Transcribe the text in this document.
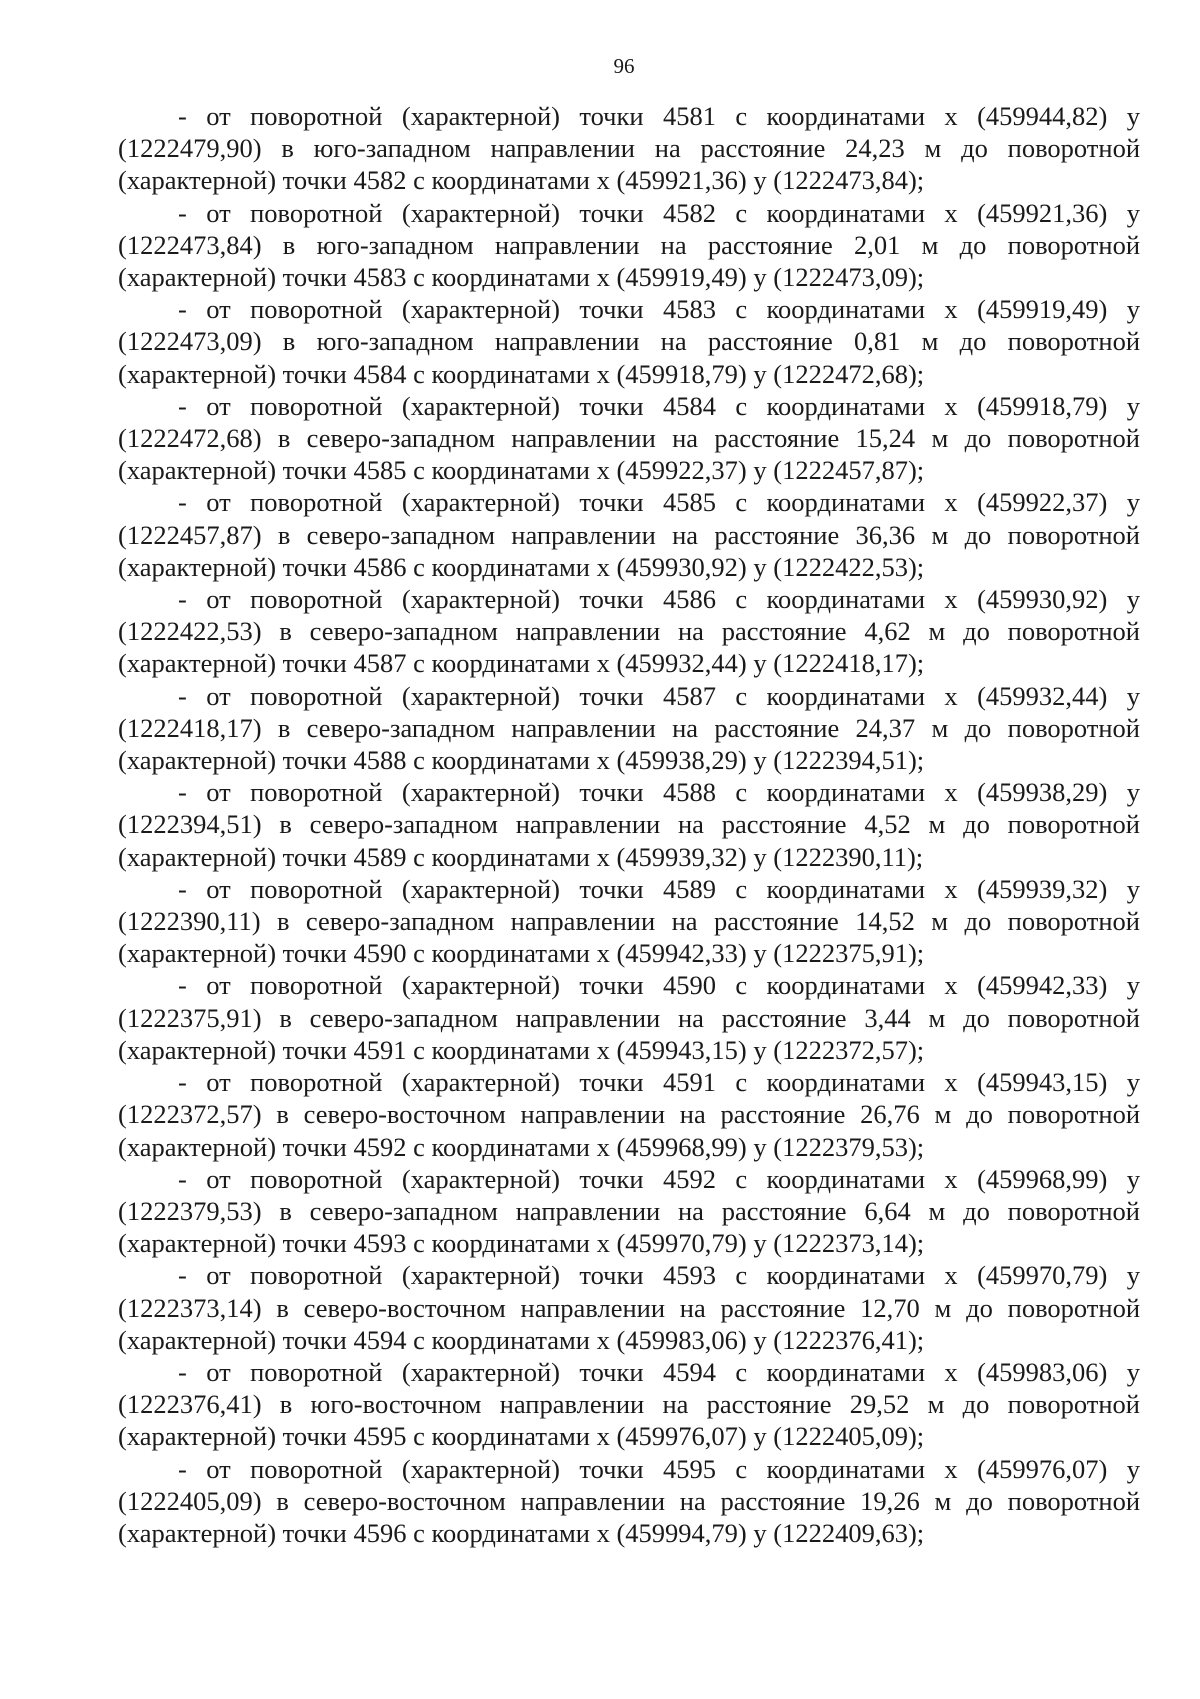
96

- от поворотной (характерной) точки 4581 с координатами х (459944,82) у (1222479,90) в юго-западном направлении на расстояние 24,23 м до поворотной (характерной) точки 4582 с координатами х (459921,36) у (1222473,84);

- от поворотной (характерной) точки 4582 с координатами х (459921,36) у (1222473,84) в юго-западном направлении на расстояние 2,01 м до поворотной (характерной) точки 4583 с координатами х (459919,49) у (1222473,09);

- от поворотной (характерной) точки 4583 с координатами х (459919,49) у (1222473,09) в юго-западном направлении на расстояние 0,81 м до поворотной (характерной) точки 4584 с координатами х (459918,79) у (1222472,68);

- от поворотной (характерной) точки 4584 с координатами х (459918,79) у (1222472,68) в северо-западном направлении на расстояние 15,24 м до поворотной (характерной) точки 4585 с координатами х (459922,37) у (1222457,87);

- от поворотной (характерной) точки 4585 с координатами х (459922,37) у (1222457,87) в северо-западном направлении на расстояние 36,36 м до поворотной (характерной) точки 4586 с координатами х (459930,92) у (1222422,53);

- от поворотной (характерной) точки 4586 с координатами х (459930,92) у (1222422,53) в северо-западном направлении на расстояние 4,62 м до поворотной (характерной) точки 4587 с координатами х (459932,44) у (1222418,17);

- от поворотной (характерной) точки 4587 с координатами х (459932,44) у (1222418,17) в северо-западном направлении на расстояние 24,37 м до поворотной (характерной) точки 4588 с координатами х (459938,29) у (1222394,51);

- от поворотной (характерной) точки 4588 с координатами х (459938,29) у (1222394,51) в северо-западном направлении на расстояние 4,52 м до поворотной (характерной) точки 4589 с координатами х (459939,32) у (1222390,11);

- от поворотной (характерной) точки 4589 с координатами х (459939,32) у (1222390,11) в северо-западном направлении на расстояние 14,52 м до поворотной (характерной) точки 4590 с координатами х (459942,33) у (1222375,91);

- от поворотной (характерной) точки 4590 с координатами х (459942,33) у (1222375,91) в северо-западном направлении на расстояние 3,44 м до поворотной (характерной) точки 4591 с координатами х (459943,15) у (1222372,57);

- от поворотной (характерной) точки 4591 с координатами х (459943,15) у (1222372,57) в северо-восточном направлении на расстояние 26,76 м до поворотной (характерной) точки 4592 с координатами х (459968,99) у (1222379,53);

- от поворотной (характерной) точки 4592 с координатами х (459968,99) у (1222379,53) в северо-западном направлении на расстояние 6,64 м до поворотной (характерной) точки 4593 с координатами х (459970,79) у (1222373,14);

- от поворотной (характерной) точки 4593 с координатами х (459970,79) у (1222373,14) в северо-восточном направлении на расстояние 12,70 м до поворотной (характерной) точки 4594 с координатами х (459983,06) у (1222376,41);

- от поворотной (характерной) точки 4594 с координатами х (459983,06) у (1222376,41) в юго-восточном направлении на расстояние 29,52 м до поворотной (характерной) точки 4595 с координатами х (459976,07) у (1222405,09);

- от поворотной (характерной) точки 4595 с координатами х (459976,07) у (1222405,09) в северо-восточном направлении на расстояние 19,26 м до поворотной (характерной) точки 4596 с координатами х (459994,79) у (1222409,63);
